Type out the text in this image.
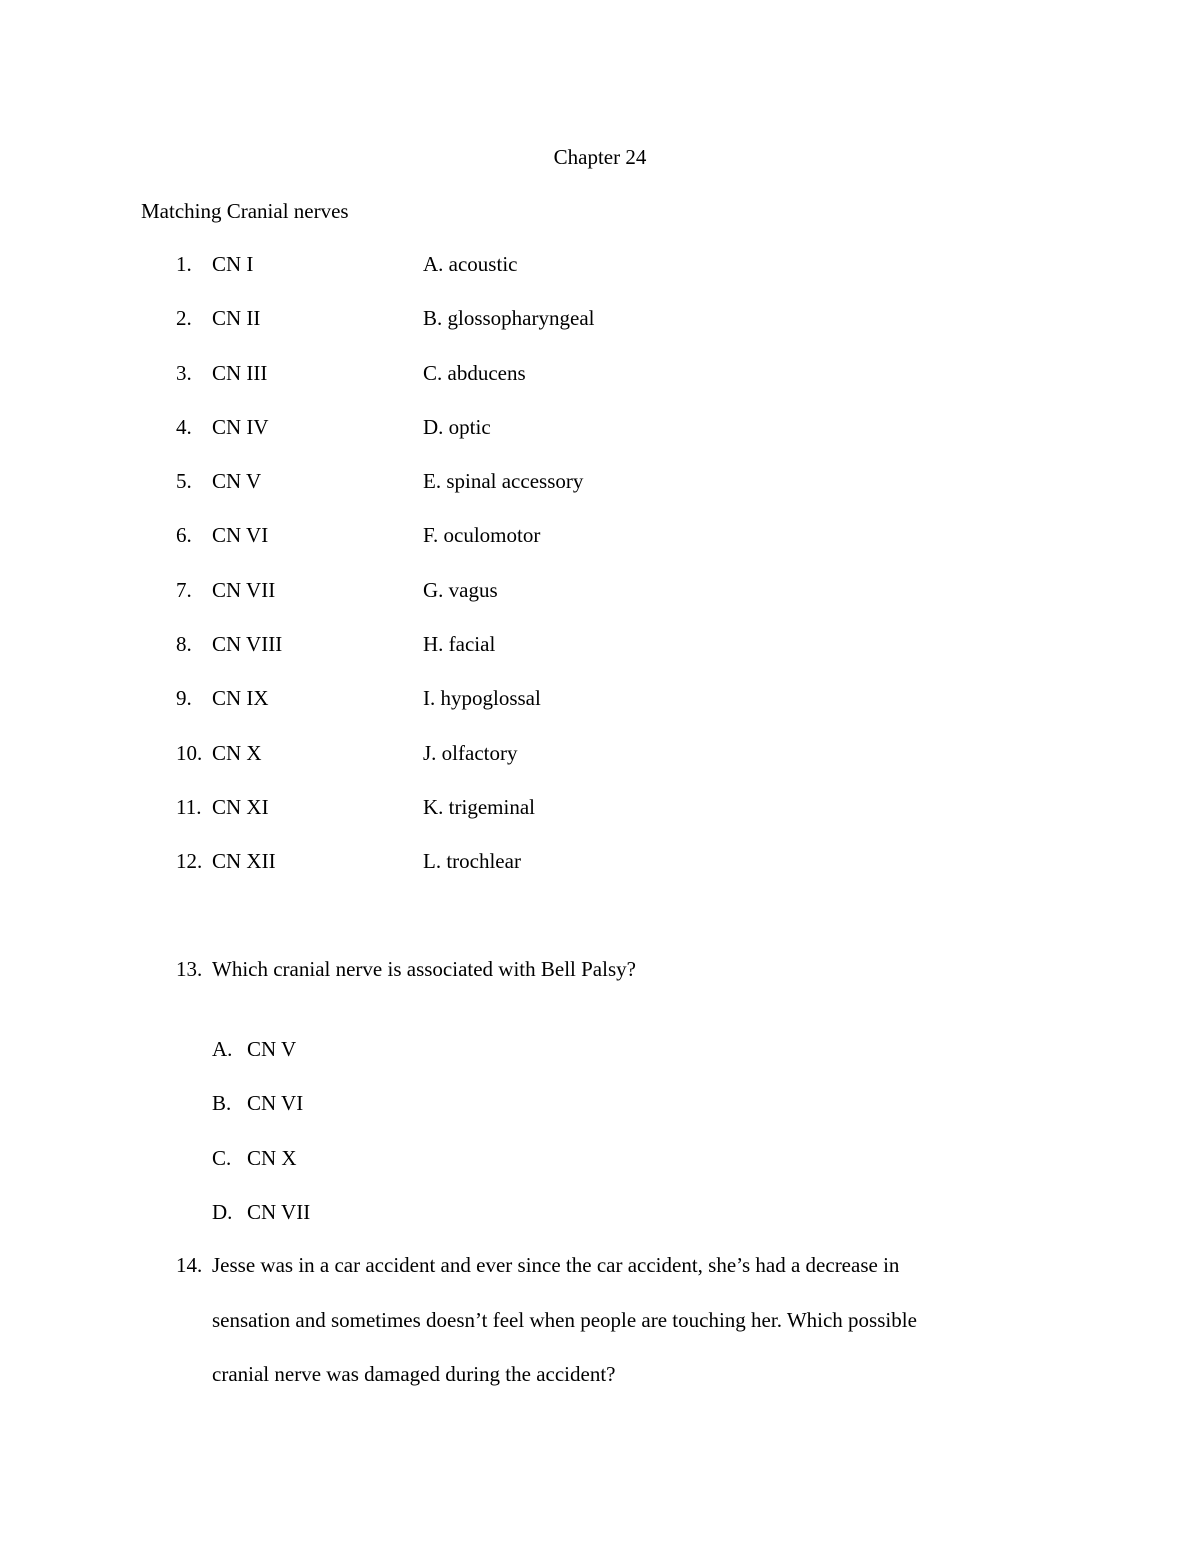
Chapter 24
Matching Cranial nerves
1. CN I	A. acoustic
2. CN II	B. glossopharyngeal
3. CN III	C. abducens
4. CN IV	D. optic
5. CN V	E. spinal accessory
6. CN VI	F. oculomotor
7. CN VII	G. vagus
8. CN VIII	H. facial
9. CN IX	I. hypoglossal
10. CN X	J. olfactory
11. CN XI	K. trigeminal
12. CN XII	L. trochlear
13. Which cranial nerve is associated with Bell Palsy?
A. CN V
B. CN VI
C. CN X
D. CN VII
14. Jesse was in a car accident and ever since the car accident, she’s had a decrease in
sensation and sometimes doesn’t feel when people are touching her. Which possible
cranial nerve was damaged during the accident?
